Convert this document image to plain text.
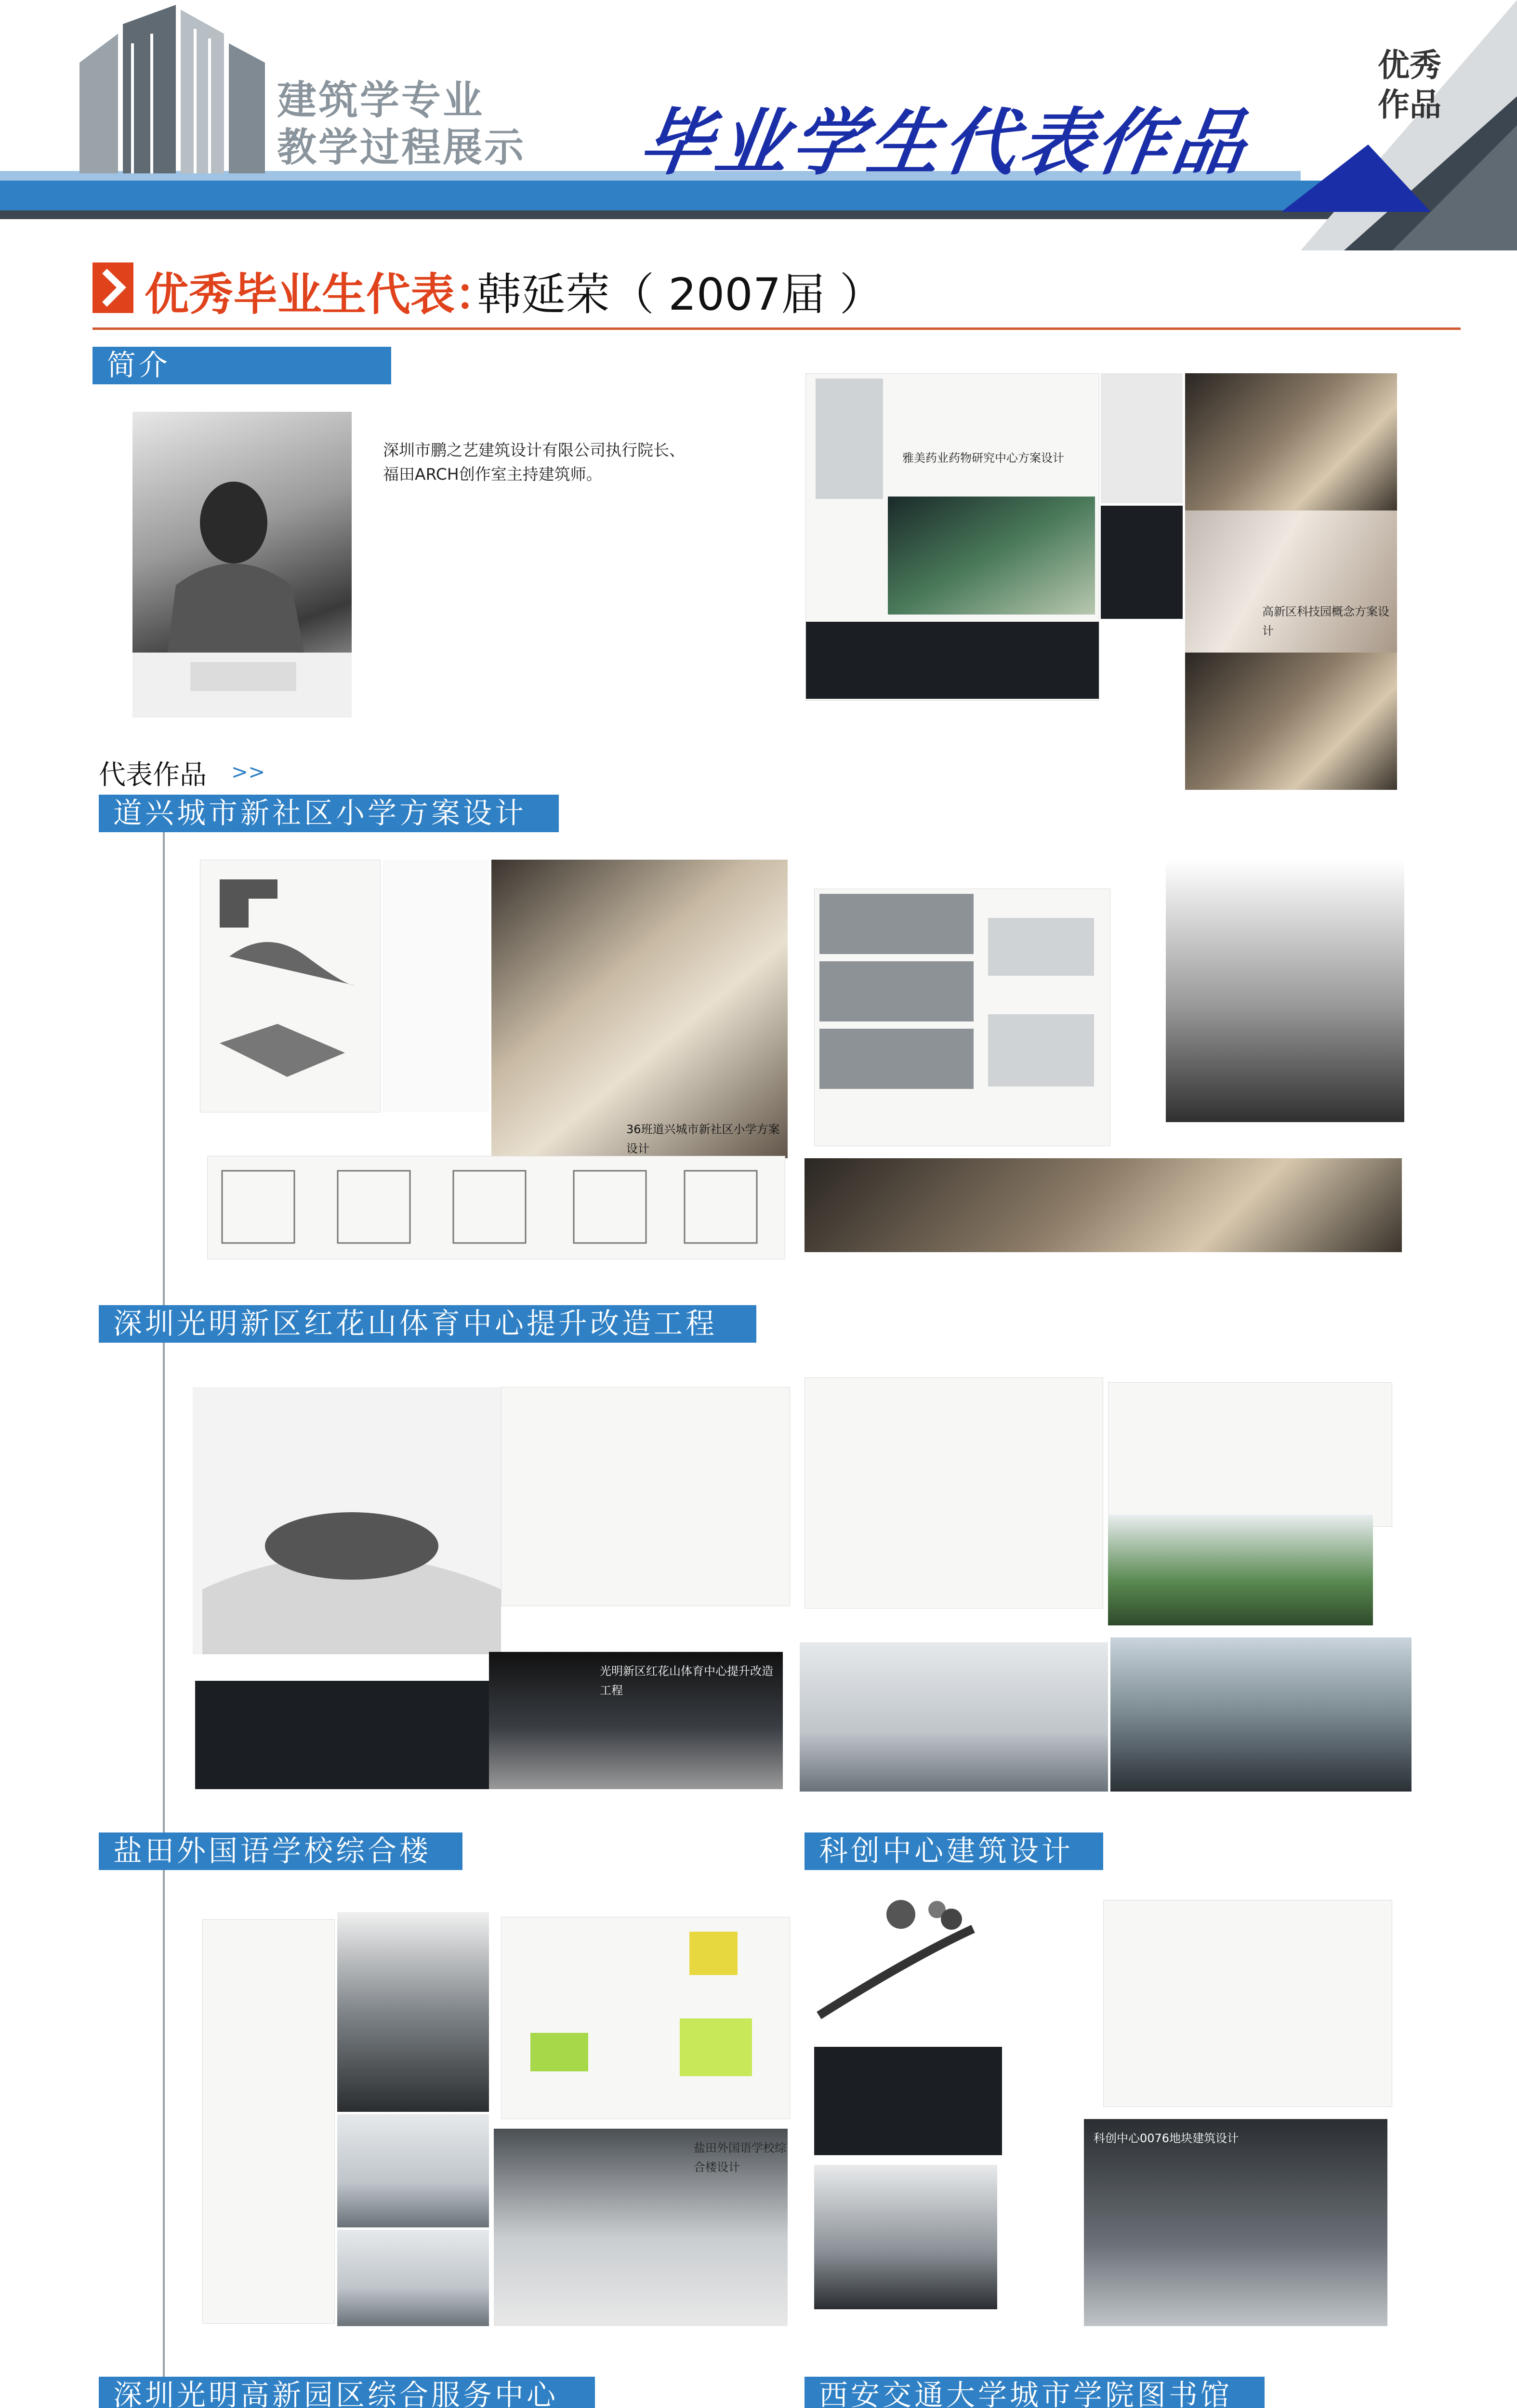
建筑学专业
教学过程展示 毕业学生代表作品
优秀
作品
优秀毕业生代表：
韩延荣（ 2007届 ）
简介
深圳市鹏之艺建筑设计有限公司执行院长、
福田ARCH创作室主持建筑师。
雅美药业药物研究中心方案设计
高新区科技园概念方案设计
代表作品 >>
道兴城市新社区小学方案设计
36班道兴城市新社区小学方案设计
深圳光明新区红花山体育中心提升改造工程
光明新区红花山体育中心提升改造工程
盐田外国语学校综合楼	科创中心建筑设计
盐田外国语学校综合楼设计
科创中心0076地块建筑设计
深圳光明高新园区综合服务中心	西安交通大学城市学院图书馆
